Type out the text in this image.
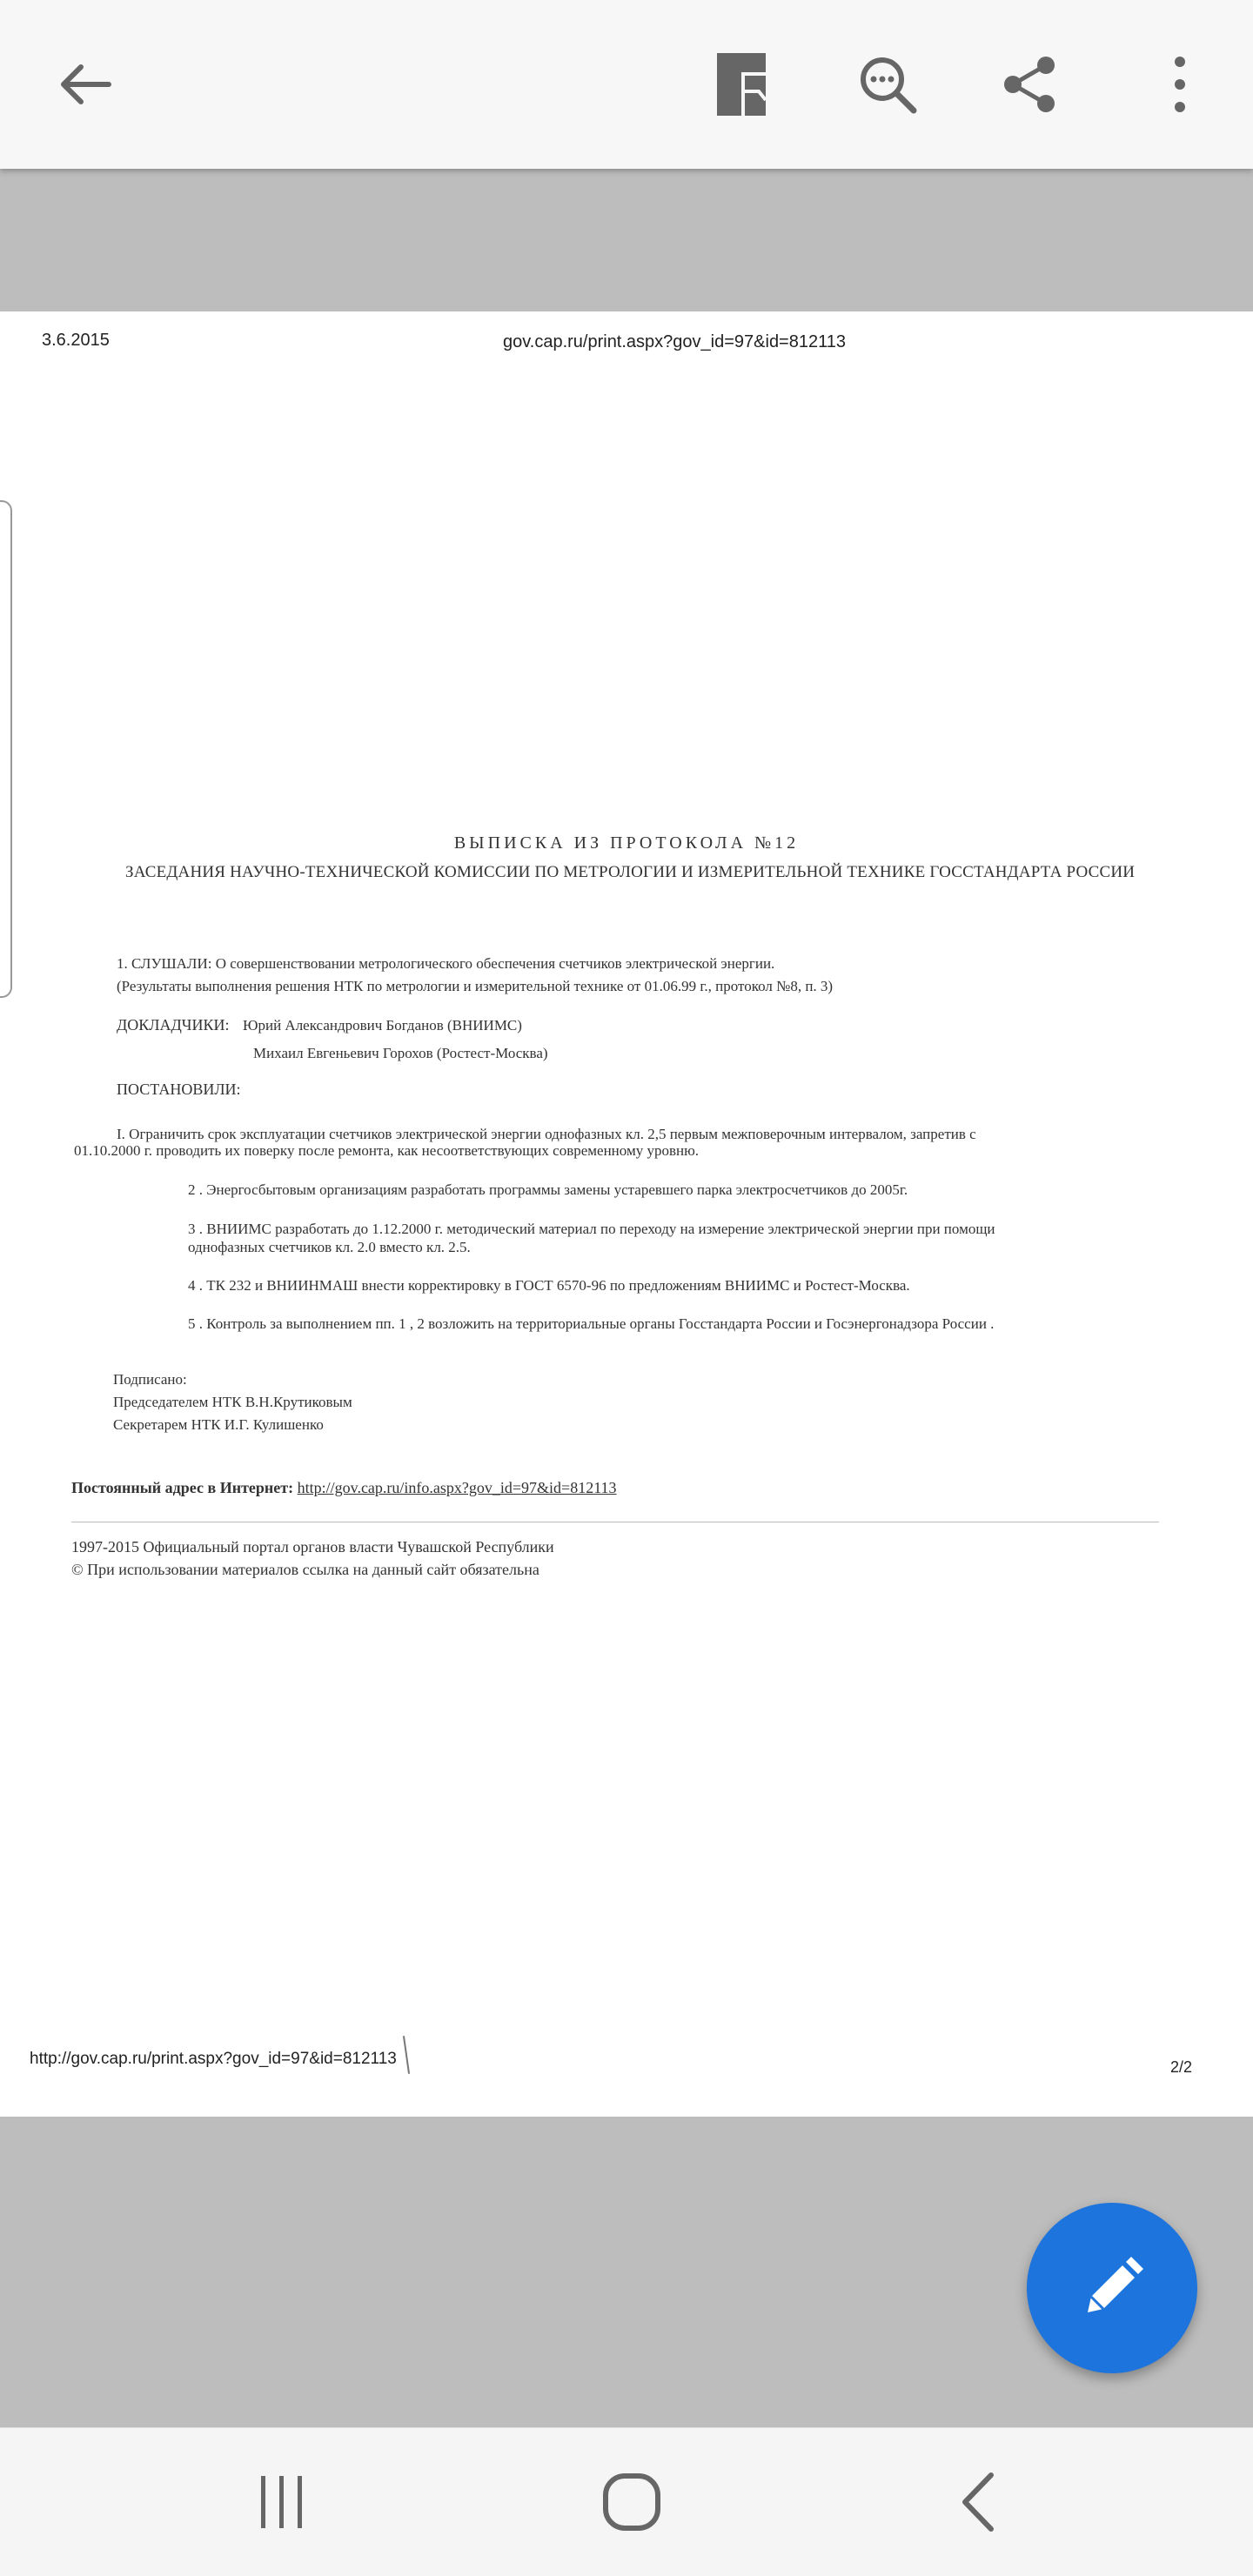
3.6.2015	gov.cap.ru/print.aspx?gov_id=97&id=812113
ВЫПИСКА ИЗ ПРОТОКОЛА №12
ЗАСЕДАНИЯ НАУЧНО-ТЕХНИЧЕСКОЙ КОМИССИИ ПО МЕТРОЛОГИИ И ИЗМЕРИТЕЛЬНОЙ ТЕХНИКЕ ГОССТАНДАРТА РОССИИ
1. СЛУШАЛИ: О совершенствовании метрологического обеспечения счетчиков электрической энергии.
(Результаты выполнения решения НТК по метрологии и измерительной технике от 01.06.99 г., протокол №8, п. 3)
ДОКЛАДЧИКИ: Юрий Александрович Богданов (ВНИИМС)
Михаил Евгеньевич Горохов (Ростест-Москва)
ПОСТАНОВИЛИ:
I. Ограничить срок эксплуатации счетчиков электрической энергии однофазных кл. 2,5 первым межповерочным интервалом, запретив с
01.10.2000 г. проводить их поверку после ремонта, как несоответствующих современному уровню.
2 . Энергосбытовым организациям разработать программы замены устаревшего парка электросчетчиков до 2005г.
3 . ВНИИМС разработать до 1.12.2000 г. методический материал по переходу на измерение электрической энергии при помощи
однофазных счетчиков кл. 2.0 вместо кл. 2.5.
4 . ТК 232 и ВНИИНМАШ внести корректировку в ГОСТ 6570-96 по предложениям ВНИИМС и Ростест-Москва.
5 . Контроль за выполнением пп. 1 , 2 возложить на территориальные органы Госстандарта России и Госэнергонадзора России .
Подписано:
Председателем НТК В.Н.Крутиковым
Секретарем НТК И.Г. Кулишенко
Постоянный адрес в Интернет: http://gov.cap.ru/info.aspx?gov_id=97&id=812113
1997-2015 Официальный портал органов власти Чувашской Республики
© При использовании материалов ссылка на данный сайт обязательна
http://gov.cap.ru/print.aspx?gov_id=97&id=812113	2/2
